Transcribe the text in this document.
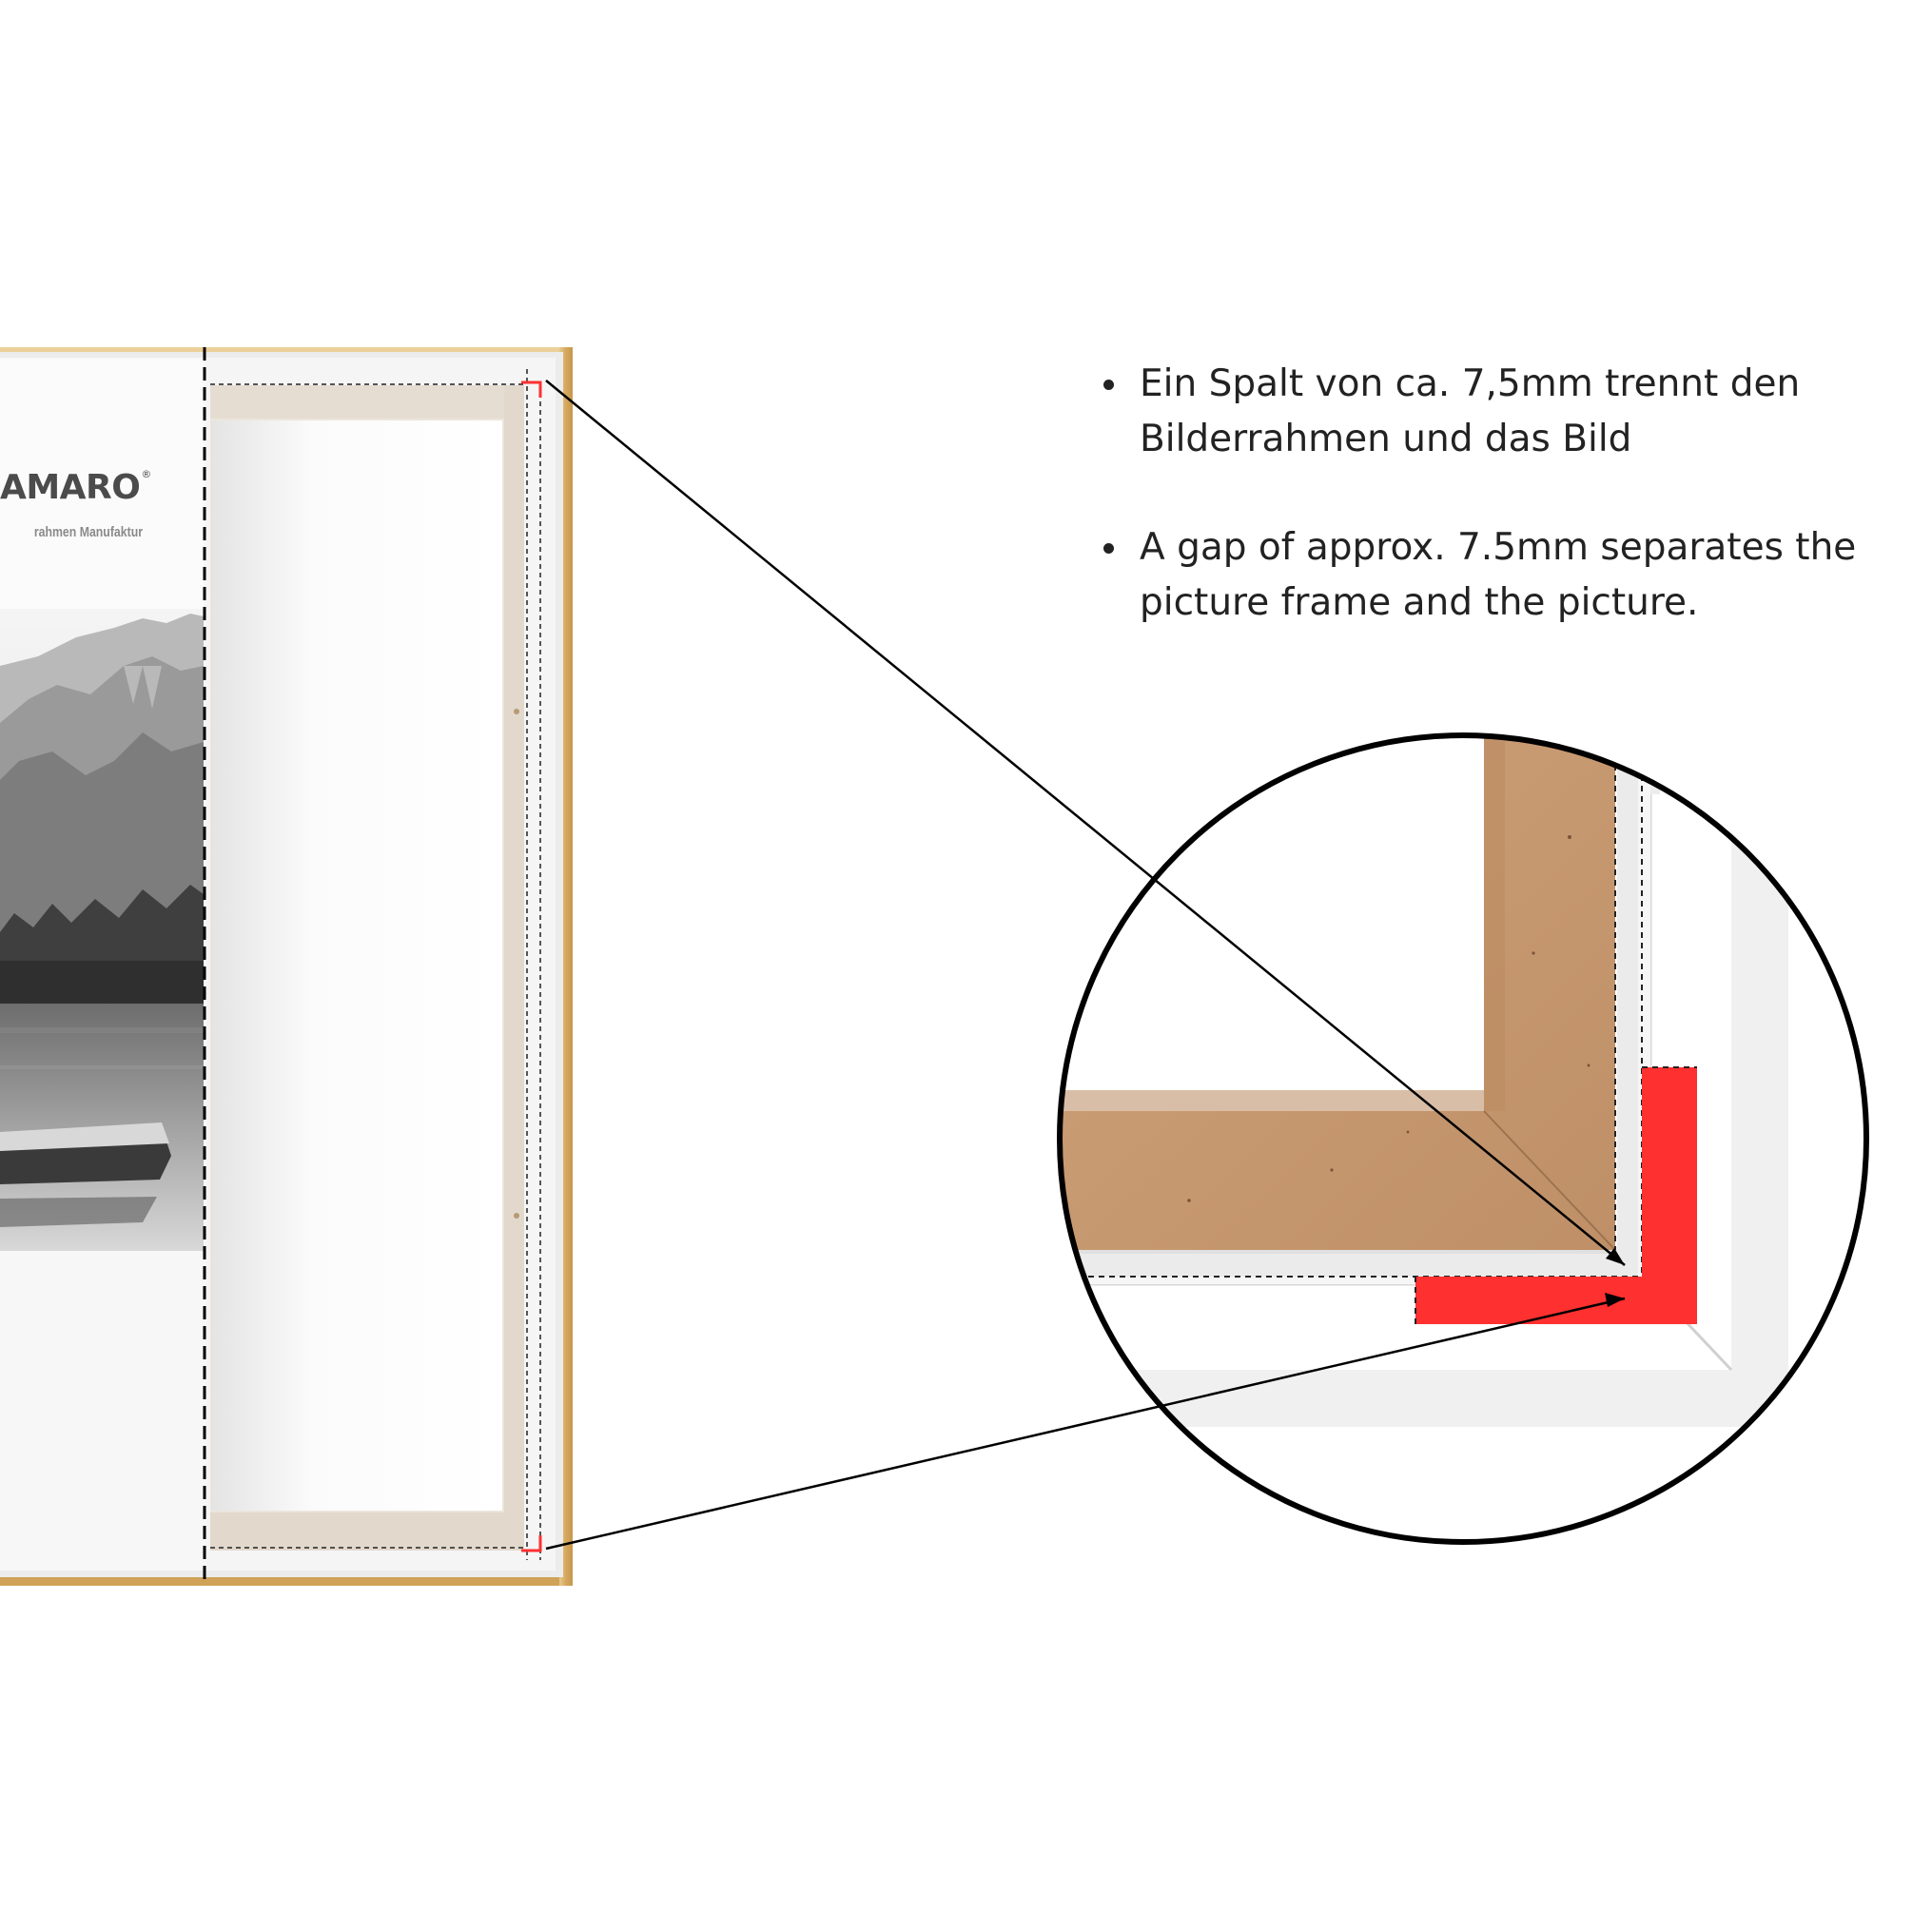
AMARO®
rahmen Manufaktur
Ein Spalt von ca. 7,5mm trennt den Bilderrahmen und das Bild
A gap of approx. 7.5mm separates the picture frame and the picture.
